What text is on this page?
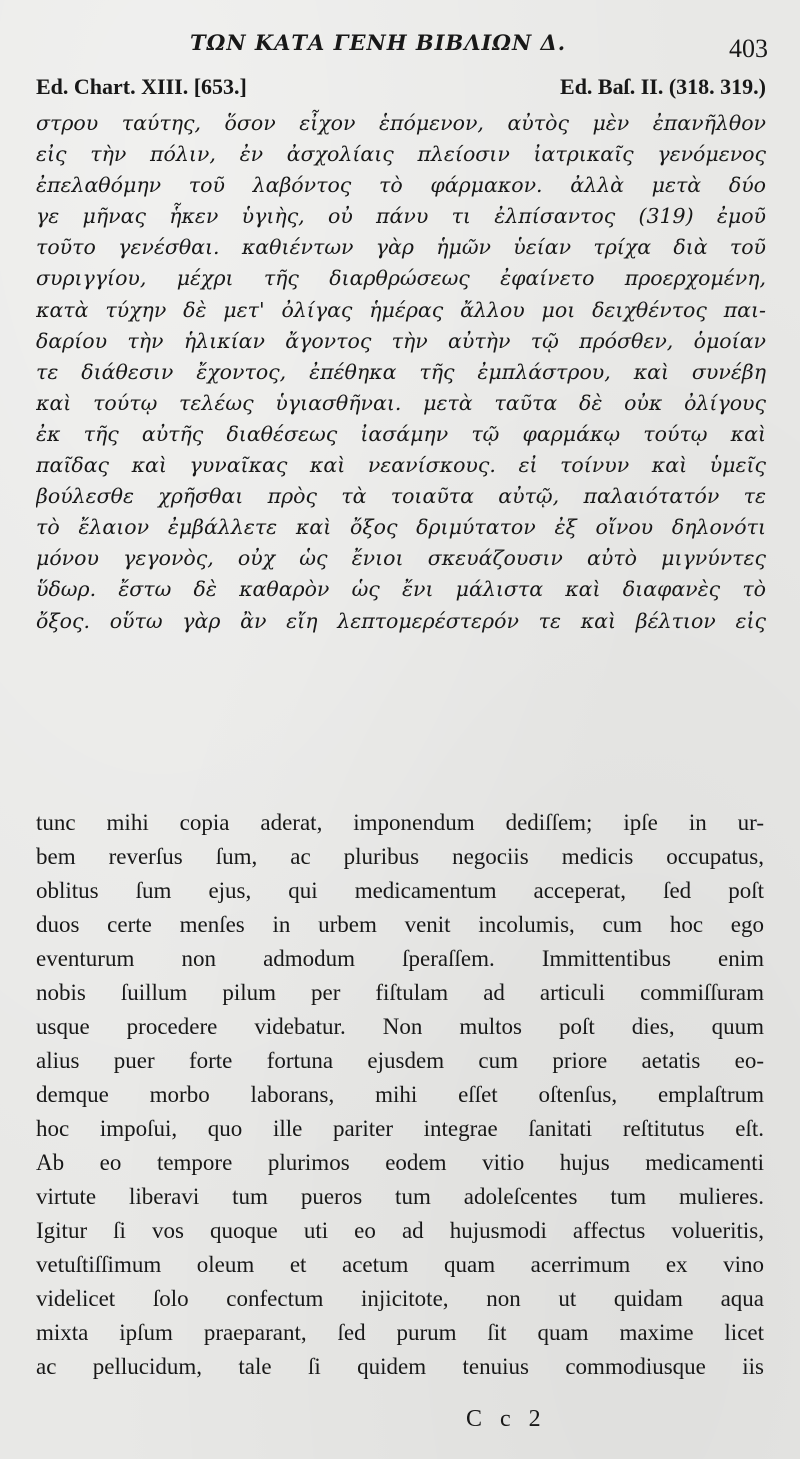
ΤΩΝ ΚΑΤΑ ΓΕΝΗ ΒΙΒΛΙΩΝ Δ.	403
Ed. Chart. XIII. [653.]	Ed. Baſ. II. (318. 319.)
στρου ταύτης, ὅσον εἶχον ἑπόμενον, αὐτὸς μὲν ἐπανῆλθον
εἰς τὴν πόλιν, ἐν ἀσχολίαις πλείοσιν ἰατρικαῖς γενόμενος
ἐπελαθόμην τοῦ λαβόντος τὸ φάρμακον. ἀλλὰ μετὰ δύο
γε μῆνας ἧκεν ὑγιὴς, οὐ πάνυ τι ἐλπίσαντος (319) ἐμοῦ
τοῦτο γενέσθαι. καθιέντων γὰρ ἡμῶν ὑείαν τρίχα διὰ τοῦ
συριγγίου, μέχρι τῆς διαρθρώσεως ἐφαίνετο προερχομένη,
κατὰ τύχην δὲ μετ' ὀλίγας ἡμέρας ἄλλου μοι δειχθέντος παι-
δαρίου τὴν ἡλικίαν ἄγοντος τὴν αὐτὴν τῷ πρόσθεν, ὁμοίαν
τε διάθεσιν ἔχοντος, ἐπέθηκα τῆς ἐμπλάστρου, καὶ συνέβη
καὶ τούτῳ τελέως ὑγιασθῆναι. μετὰ ταῦτα δὲ οὐκ ὀλίγους
ἐκ τῆς αὐτῆς διαθέσεως ἰασάμην τῷ φαρμάκῳ τούτῳ καὶ
παῖδας καὶ γυναῖκας καὶ νεανίσκους. εἰ τοίνυν καὶ ὑμεῖς
βούλεσθε χρῆσθαι πρὸς τὰ τοιαῦτα αὐτῷ, παλαιότατόν τε
τὸ ἔλαιον ἐμβάλλετε καὶ ὄξος δριμύτατον ἐξ οἴνου δηλονότι
μόνου γεγονὸς, οὐχ ὡς ἔνιοι σκευάζουσιν αὐτὸ μιγνύντες
ὕδωρ. ἔστω δὲ καθαρὸν ὡς ἔνι μάλιστα καὶ διαφανὲς τὸ
ὄξος. οὕτω γὰρ ἂν εἴη λεπτομερέστερόν τε καὶ βέλτιον εἰς
tunc mihi copia aderat, imponendum dediſſem; ipſe in ur-
bem reverſus ſum, ac pluribus negociis medicis occupatus,
oblitus ſum ejus, qui medicamentum acceperat, ſed poſt
duos certe menſes in urbem venit incolumis, cum hoc ego
eventurum non admodum ſperaſſem. Immittentibus enim
nobis ſuillum pilum per fiſtulam ad articuli commiſſuram
usque procedere videbatur. Non multos poſt dies, quum
alius puer forte fortuna ejusdem cum priore aetatis eo-
demque morbo laborans, mihi eſſet oſtenſus, emplaſtrum
hoc impoſui, quo ille pariter integrae ſanitati reſtitutus eſt.
Ab eo tempore plurimos eodem vitio hujus medicamenti
virtute liberavi tum pueros tum adoleſcentes tum mulieres.
Igitur ſi vos quoque uti eo ad hujusmodi affectus volueritis,
vetuſtiſſimum oleum et acetum quam acerrimum ex vino
videlicet ſolo confectum injicitote, non ut quidam aqua
mixta ipſum praeparant, ſed purum ſit quam maxime licet
ac pellucidum, tale ſi quidem tenuius commodiusque iis
C c 2
